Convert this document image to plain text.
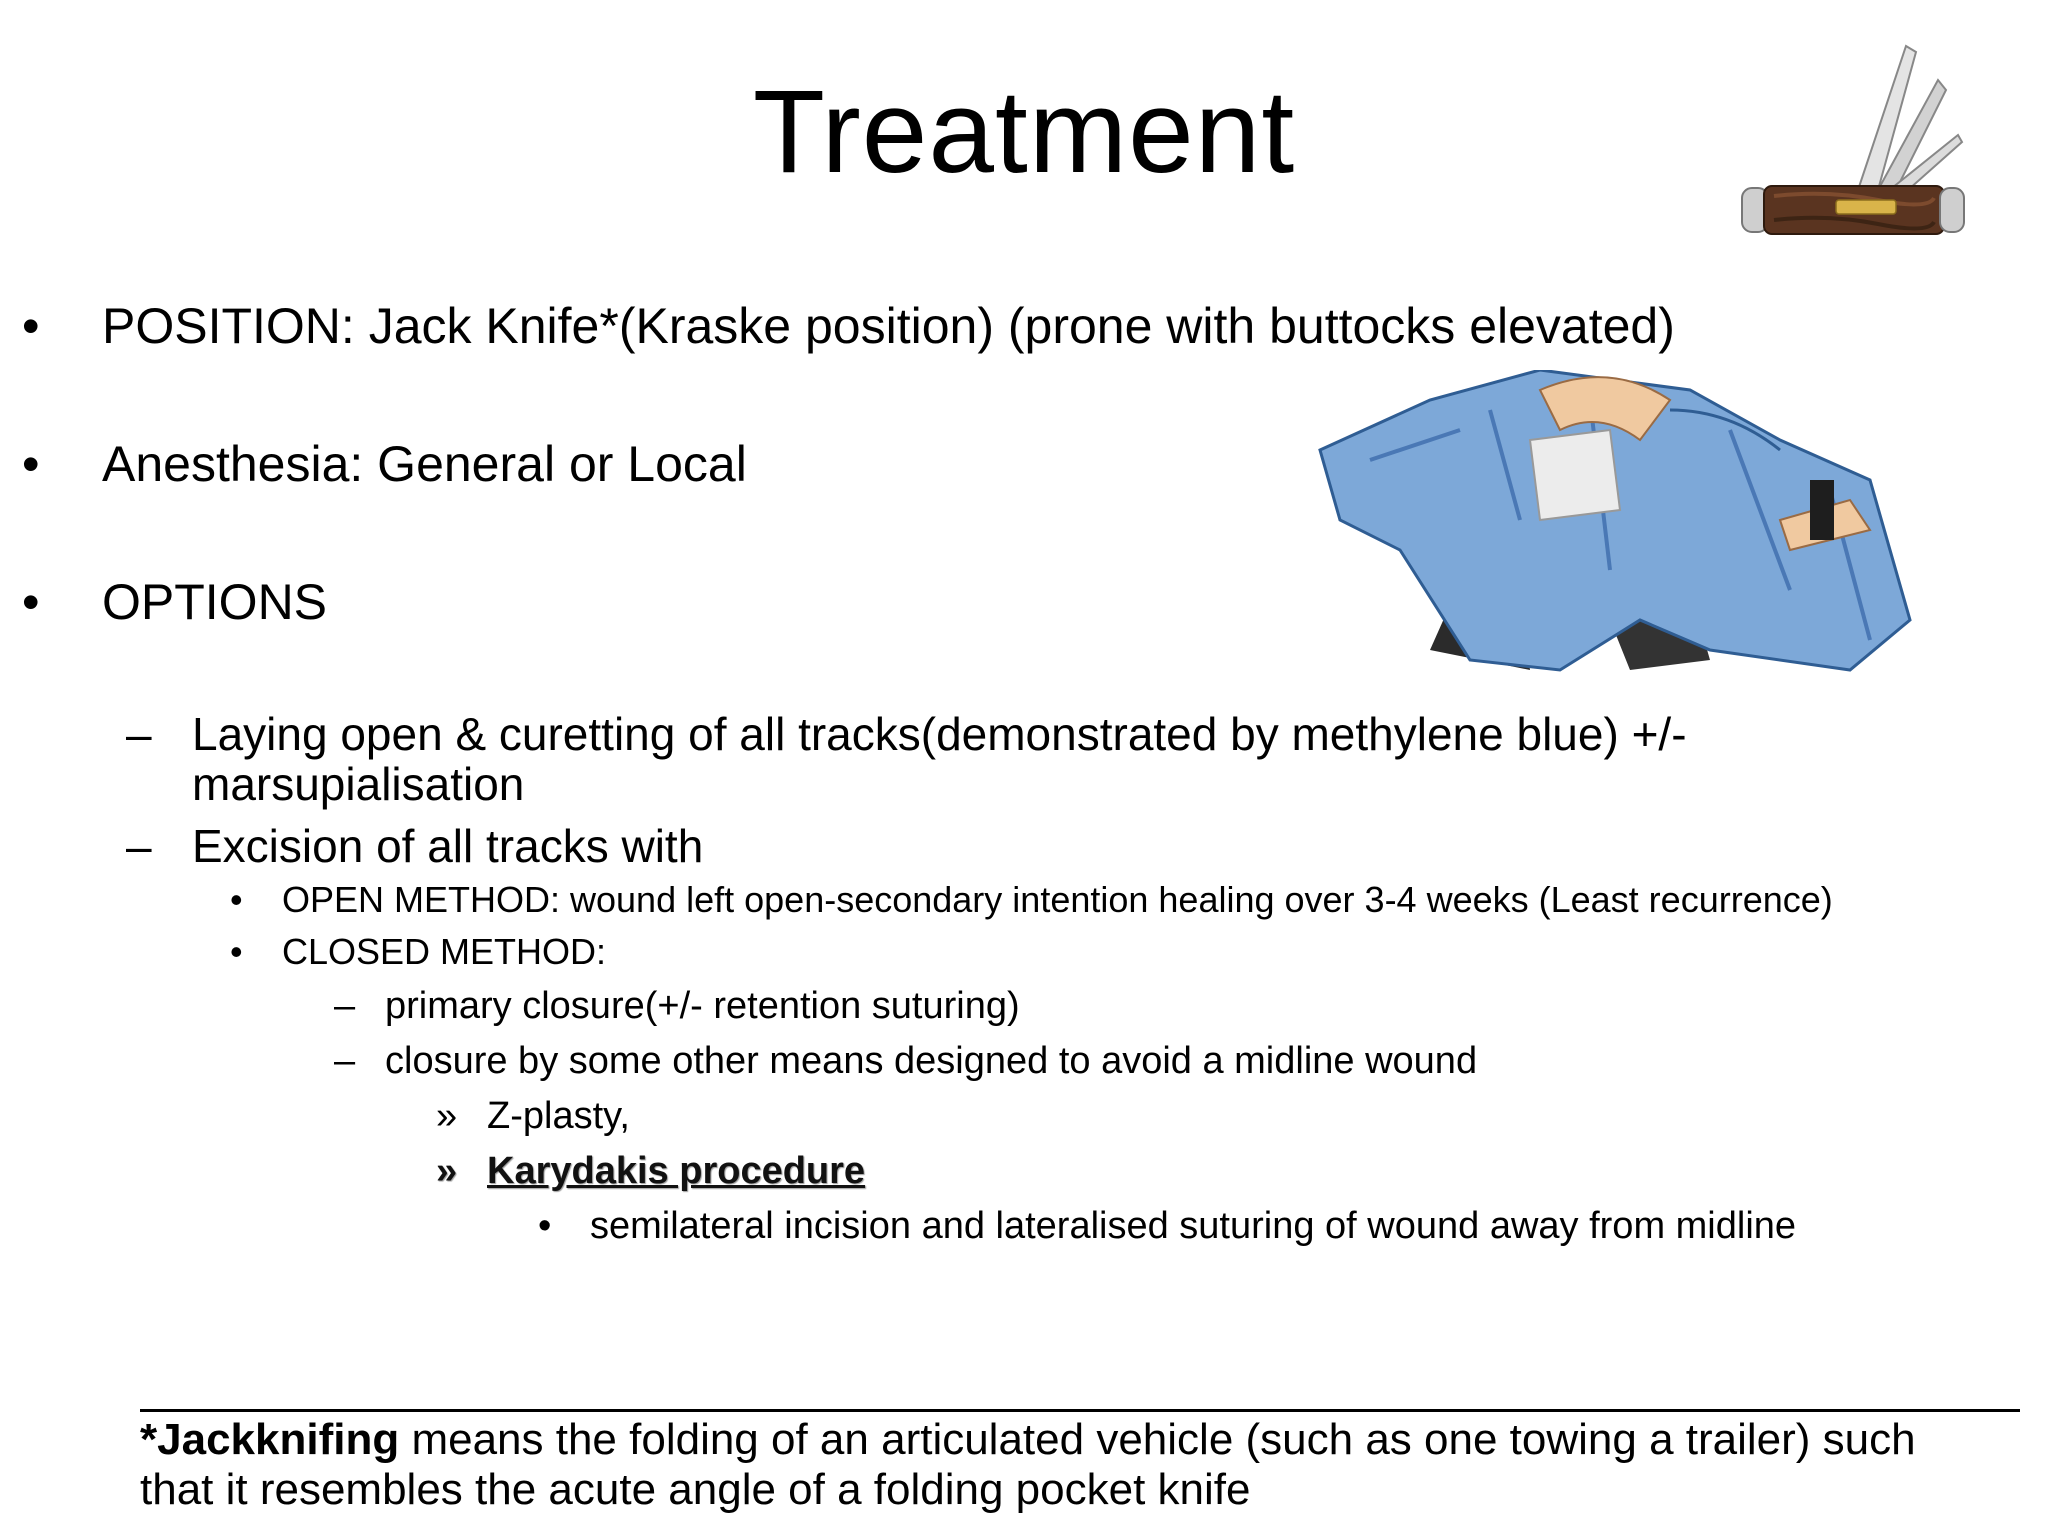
Treatment
• POSITION: Jack Knife*(Kraske position) (prone with buttocks elevated)
• Anesthesia: General or Local
• OPTIONS
– Laying open & curetting of all tracks(demonstrated by methylene blue) +/-
marsupialisation
– Excision of all tracks with
• OPEN METHOD: wound left open-secondary intention healing over 3-4 weeks (Least recurrence)
• CLOSED METHOD:
– primary closure(+/- retention suturing)
– closure by some other means designed to avoid a midline wound
» Z-plasty,
» Karydakis procedure
• semilateral incision and lateralised suturing of wound away from midline
*Jackknifing means the folding of an articulated vehicle (such as one towing a trailer) such
that it resembles the acute angle of a folding pocket knife
